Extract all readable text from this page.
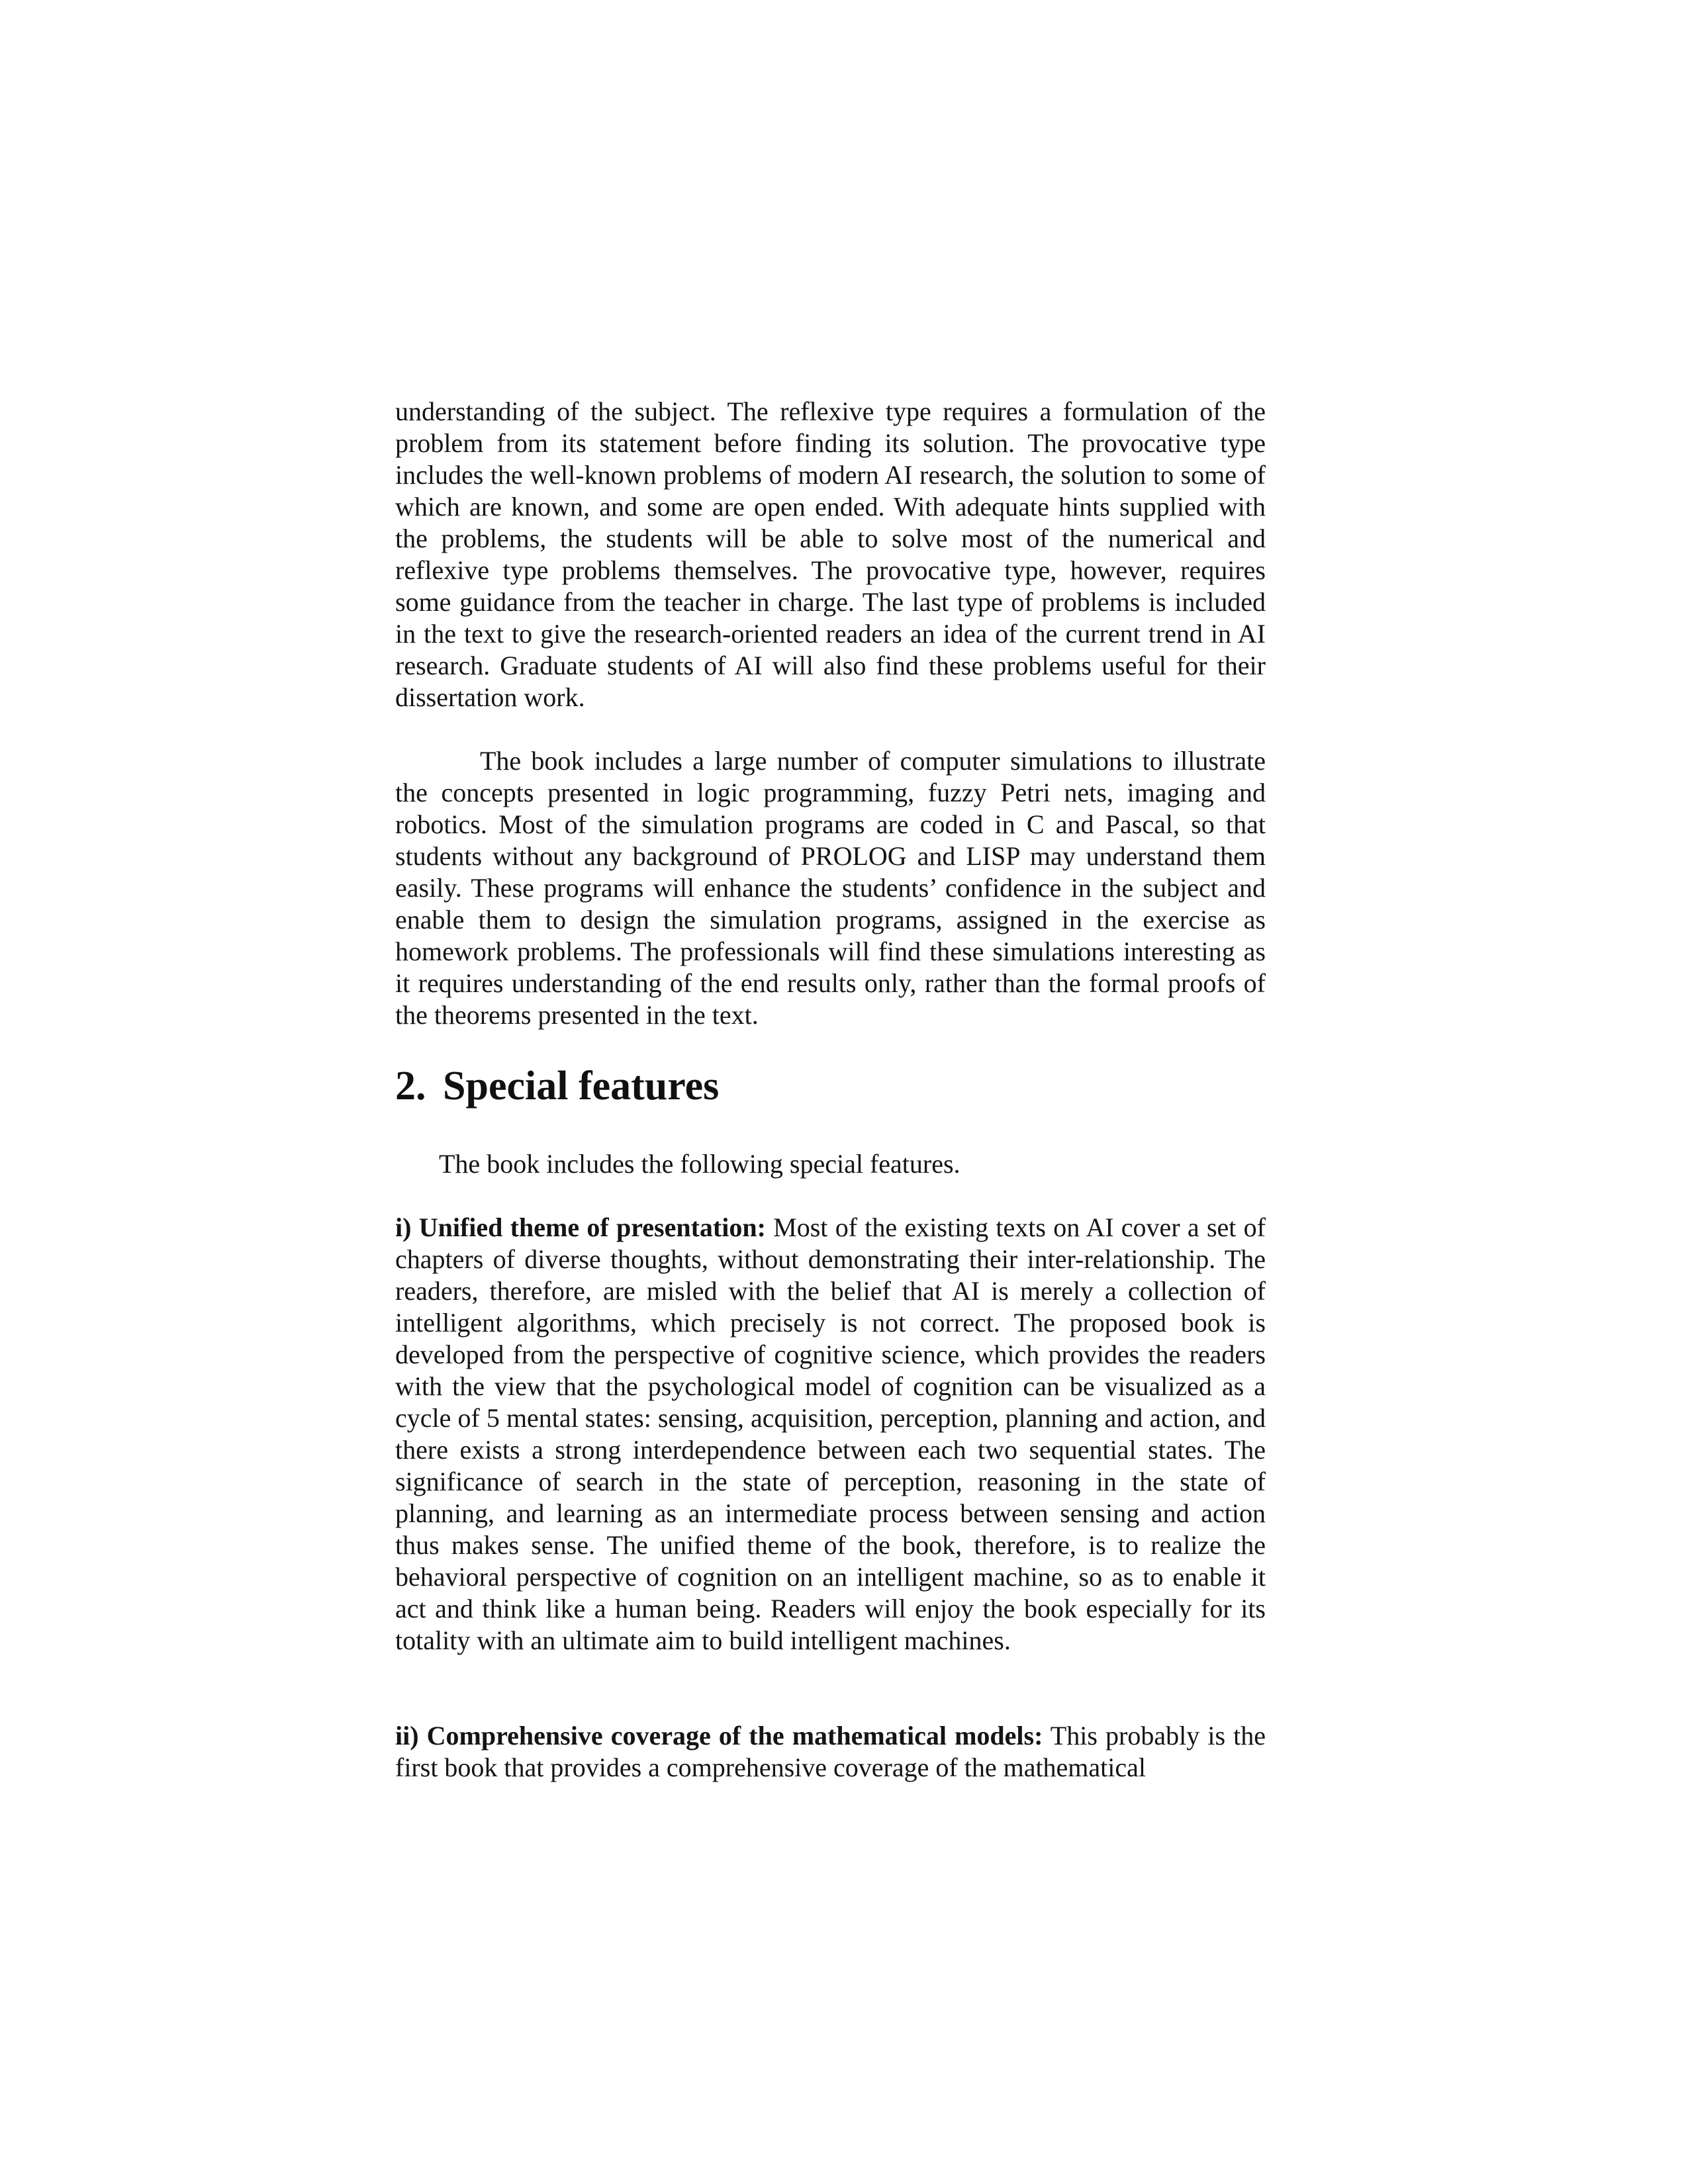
understanding of the subject. The reflexive type requires a formulation of the problem from its statement before finding its solution. The provocative type includes the well-known problems of modern AI research, the solution to some of which are known, and some are open ended. With adequate hints supplied with the problems, the students will be able to solve most of the numerical and reflexive type problems themselves. The provocative type, however, requires some guidance from the teacher in charge. The last type of problems is included in the text to give the research-oriented readers an idea of the current trend in AI research. Graduate students of AI will also find these problems useful for their dissertation work.

The book includes a large number of computer simulations to illustrate the concepts presented in logic programming, fuzzy Petri nets, imaging and robotics. Most of the simulation programs are coded in C and Pascal, so that students without any background of PROLOG and LISP may understand them easily. These programs will enhance the students’ confidence in the subject and enable them to design the simulation programs, assigned in the exercise as homework problems. The professionals will find these simulations interesting as it requires understanding of the end results only, rather than the formal proofs of the theorems presented in the text.

2. Special features

The book includes the following special features.

i) Unified theme of presentation: Most of the existing texts on AI cover a set of chapters of diverse thoughts, without demonstrating their inter-relationship. The readers, therefore, are misled with the belief that AI is merely a collection of intelligent algorithms, which precisely is not correct. The proposed book is developed from the perspective of cognitive science, which provides the readers with the view that the psychological model of cognition can be visualized as a cycle of 5 mental states: sensing, acquisition, perception, planning and action, and there exists a strong interdependence between each two sequential states. The significance of search in the state of perception, reasoning in the state of planning, and learning as an intermediate process between sensing and action thus makes sense. The unified theme of the book, therefore, is to realize the behavioral perspective of cognition on an intelligent machine, so as to enable it act and think like a human being. Readers will enjoy the book especially for its totality with an ultimate aim to build intelligent machines.

ii) Comprehensive coverage of the mathematical models: This probably is the first book that provides a comprehensive coverage of the mathematical
